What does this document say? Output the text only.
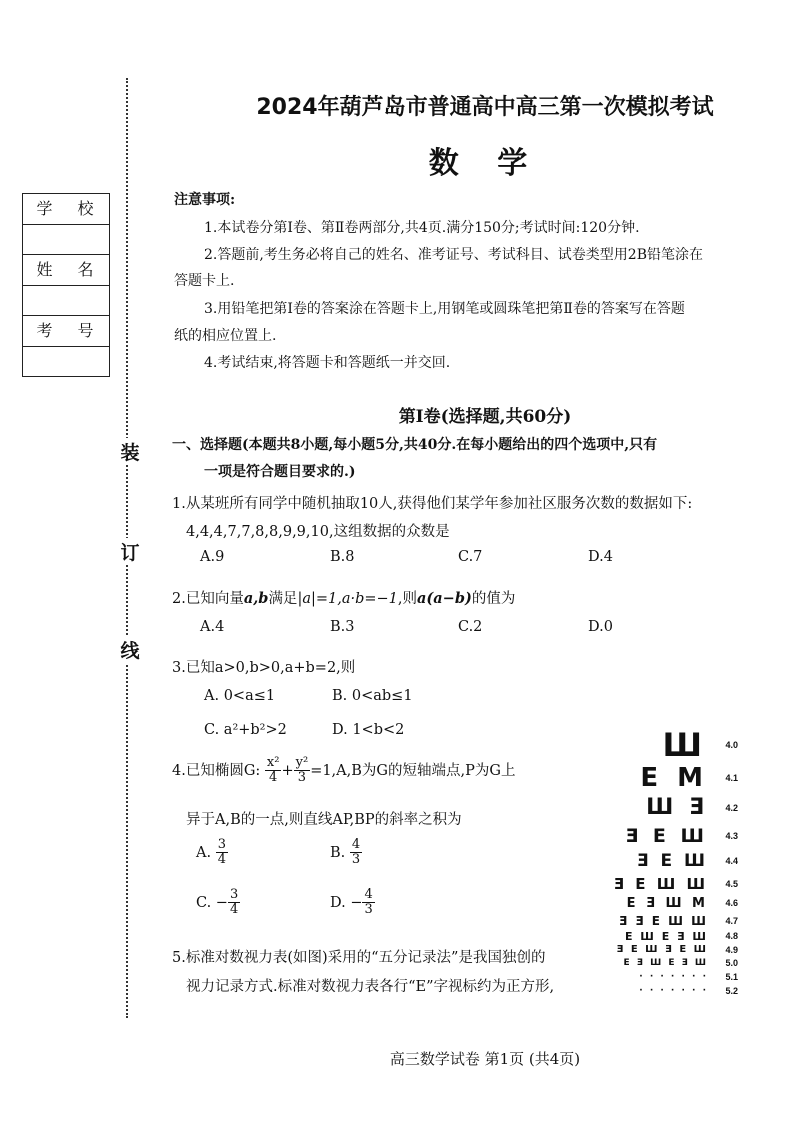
装
订
线
学 校
姓 名
考 号
2024年葫芦岛市普通高中高三第一次模拟考试
数 学
注意事项:
1.本试卷分第Ⅰ卷、第Ⅱ卷两部分,共4页.满分150分;考试时间:120分钟.
2.答题前,考生务必将自己的姓名、准考证号、考试科目、试卷类型用2B铅笔涂在
答题卡上.
3.用铅笔把第Ⅰ卷的答案涂在答题卡上,用钢笔或圆珠笔把第Ⅱ卷的答案写在答题
纸的相应位置上.
4.考试结束,将答题卡和答题纸一并交回.
第Ⅰ卷(选择题,共60分)
一、选择题(本题共8小题,每小题5分,共40分.在每小题给出的四个选项中,只有
一项是符合题目要求的.)
1.从某班所有同学中随机抽取10人,获得他们某学年参加社区服务次数的数据如下:
4,4,4,7,7,8,8,9,9,10,这组数据的众数是
A.9	B.8	C.7	D.4
2.已知向量a,b满足|a|=1,a·b=−1,则a(a−b)的值为
A.4	B.3	C.2	D.0
3.已知a>0,b>0,a+b=2,则
A. 0<a≤1	B. 0<ab≤1
C. a²+b²>2	D. 1<b<2
4.已知椭圆G: $\frac{\text{x²}}{4} + \frac{\text{y²}}{3} =1,A,B$为G的短轴端点,P为G上
异于A,B的一点,则直线AP,BP的斜率之积为
A. $\frac{3}{4}$	B. $\frac{4}{3}$
C. − $\frac{3}{4}$	D. − $\frac{4}{3}$
5.标准对数视力表(如图)采用的“五分记录法”是我国独创的
视力记录方式.标准对数视力表各行“E”字视标约为正方形,
Ш 4.0
E M 4.1
Ш Ǝ 4.2
Ǝ E Ш 4.3
Ǝ E Ш 4.4
Ǝ E Ш Ш 4.5
E Ǝ Ш M 4.6
Ǝ Ǝ E Ш Ш 4.7
E Ш E Ǝ Ш 4.8
Ǝ E Ш Ǝ E Ш 4.9
E Ǝ Ш E Ǝ Ш 5.0
· · · · · · · 5.1
· · · · · · · 5.2
高三数学试卷 第1页 (共4页)
